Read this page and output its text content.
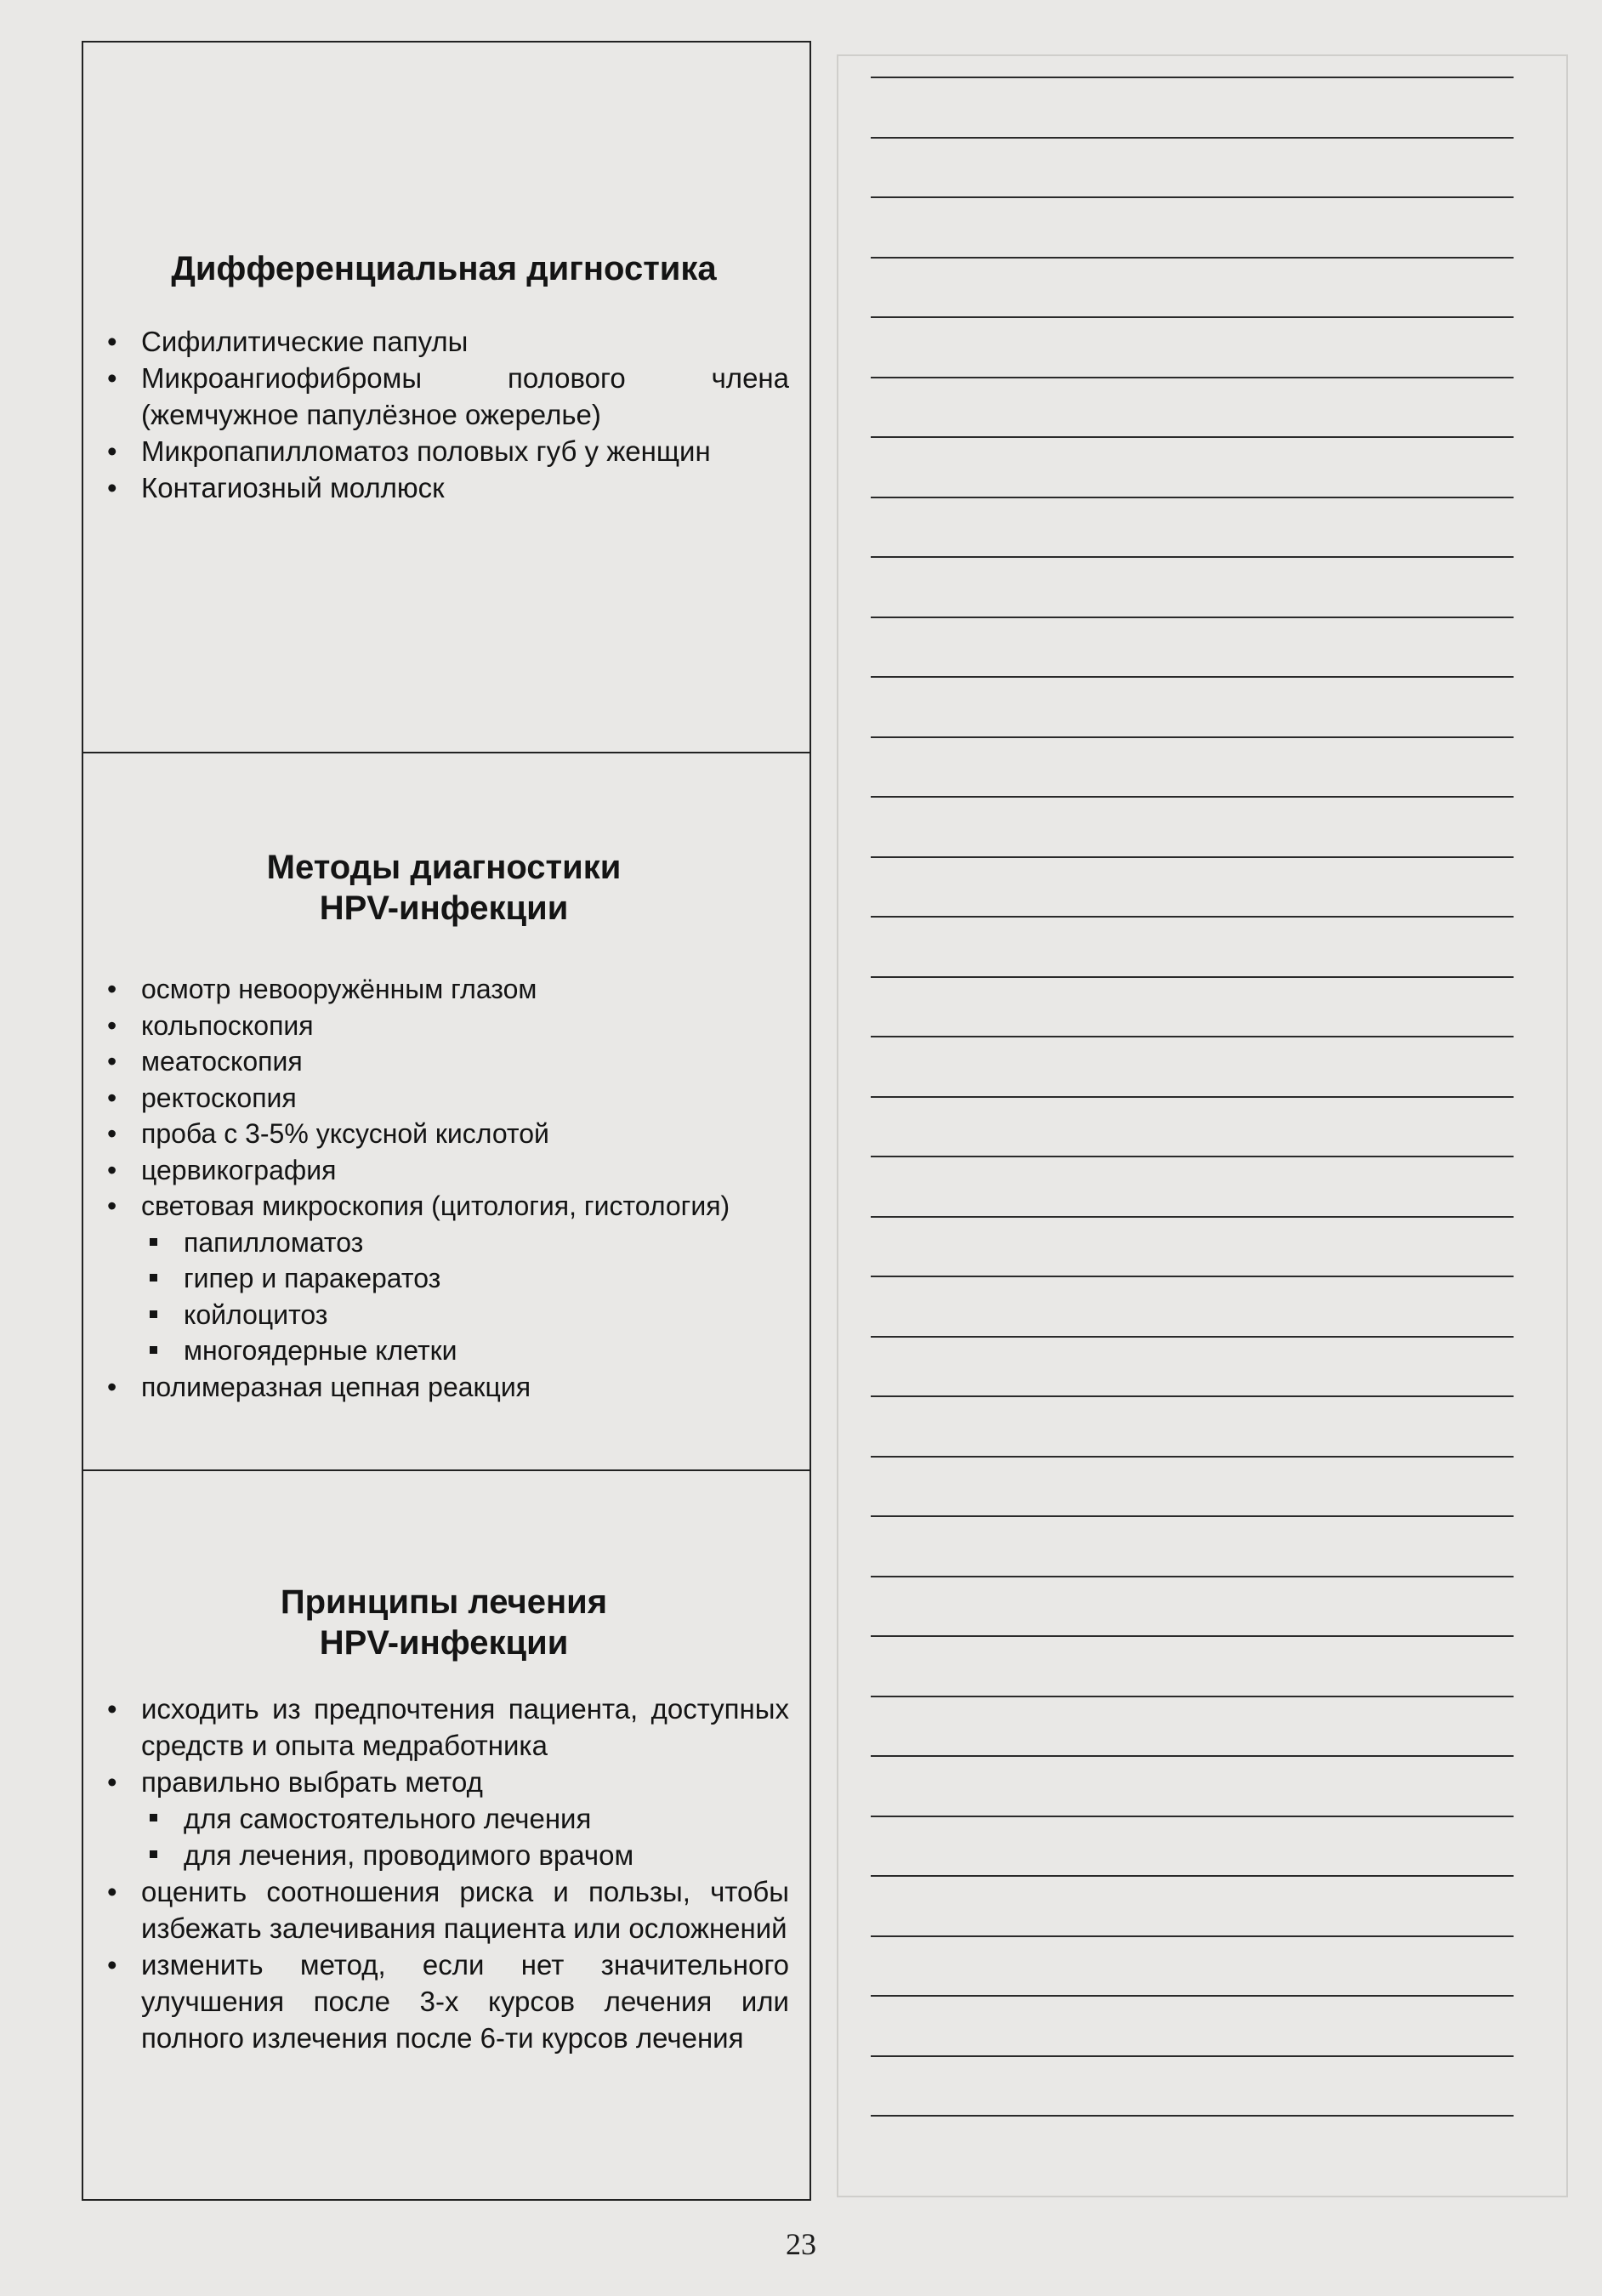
Дифференциальная дигностика
• Сифилитические папулы
• Микроангиофибромы полового члена (жемчужное папулёзное ожерелье)
• Микропапилломатоз половых губ у женщин
• Контагиозный моллюск
Методы диагностики
HPV-инфекции
• осмотр невооружённым глазом
• кольпоскопия
• меатоскопия
• ректоскопия
• проба с 3-5% уксусной кислотой
• цервикография
• световая микроскопия (цитология, гистология)
папилломатоз
гипер и паракератоз
койлоцитоз
многоядерные клетки
• полимеразная цепная реакция
Принципы лечения
HPV-инфекции
• исходить из предпочтения пациента, доступных средств и опыта медработника
• правильно выбрать метод
для самостоятельного лечения
для лечения, проводимого врачом
• оценить соотношения риска и пользы, чтобы избежать залечивания пациента или осложнений
• изменить метод, если нет значительного улучшения после 3-х курсов лечения или полного излечения после 6-ти курсов лечения
23
